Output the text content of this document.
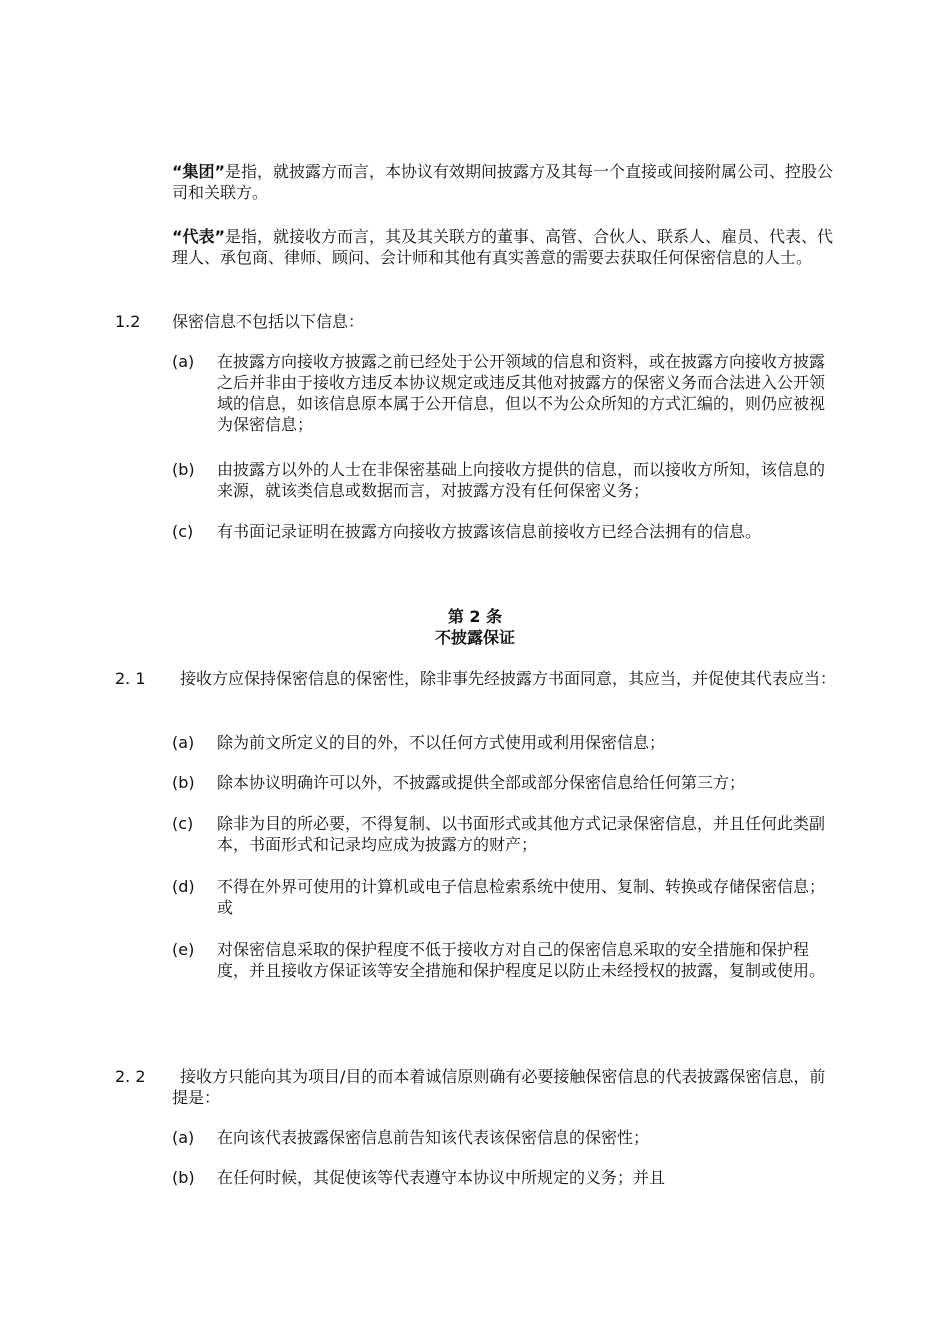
“集团”是指，就披露方而言，本协议有效期间披露方及其每一个直接或间接附属公司、控股公司和关联方。

“代表”是指，就接收方而言，其及其关联方的董事、高管、合伙人、联系人、雇员、代表、代理人、承包商、律师、顾问、会计师和其他有真实善意的需要去获取任何保密信息的人士。

1.2 保密信息不包括以下信息：

(a) 在披露方向接收方披露之前已经处于公开领域的信息和资料，或在披露方向接收方披露之后并非由于接收方违反本协议规定或违反其他对披露方的保密义务而合法进入公开领域的信息，如该信息原本属于公开信息，但以不为公众所知的方式汇编的，则仍应被视为保密信息；

(b) 由披露方以外的人士在非保密基础上向接收方提供的信息，而以接收方所知，该信息的来源，就该类信息或数据而言，对披露方没有任何保密义务；

(c) 有书面记录证明在披露方向接收方披露该信息前接收方已经合法拥有的信息。

第 2 条
不披露保证
2. 1	接收方应保持保密信息的保密性，除非事先经披露方书面同意，其应当，并促使其代表应当：

(a) 除为前文所定义的目的外，不以任何方式使用或利用保密信息；

(b) 除本协议明确许可以外，不披露或提供全部或部分保密信息给任何第三方；

(c) 除非为目的所必要，不得复制、以书面形式或其他方式记录保密信息，并且任何此类副本，书面形式和记录均应成为披露方的财产；

(d) 不得在外界可使用的计算机或电子信息检索系统中使用、复制、转换或存储保密信息；或

(e) 对保密信息采取的保护程度不低于接收方对自己的保密信息采取的安全措施和保护程度，并且接收方保证该等安全措施和保护程度足以防止未经授权的披露，复制或使用。

2. 2	接收方只能向其为项目/目的而本着诚信原则确有必要接触保密信息的代表披露保密信息，前提是：

(a) 在向该代表披露保密信息前告知该代表该保密信息的保密性；

(b) 在任何时候，其促使该等代表遵守本协议中所规定的义务；并且
